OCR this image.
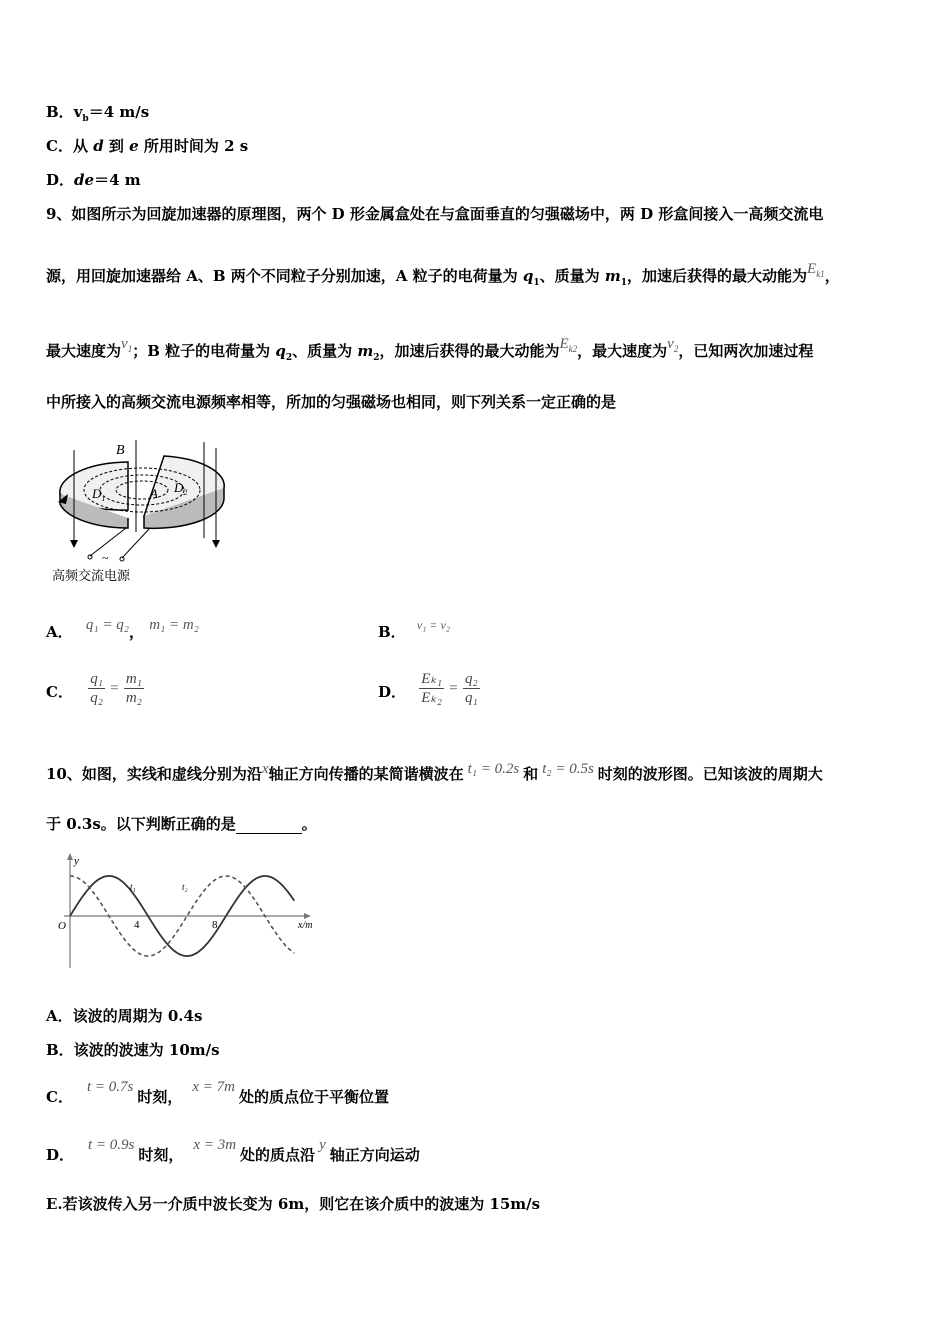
B．$v_b=4$ m/s
C．从 d 到 e 所用时间为 2 s
D．de＝4 m
9、如图所示为回旋加速器的原理图，两个 D 形金属盒处在与盒面垂直的匀强磁场中，两 D 形盒间接入一高频交流电
源，用回旋加速器给 A、B 两个不同粒子分别加速，A 粒子的电荷量为 $q_1$、质量为 $m_1$，加速后获得的最大动能为$E_{k1}$，
最大速度为$v_1$；B 粒子的电荷量为 $q_2$、质量为 $m_2$，加速后获得的最大动能为$E_{k2}$，最大速度为$v_2$，已知两次加速过程
中所接入的高频交流电源频率相等，所加的匀强磁场也相同，则下列关系一定正确的是
B
$D_1$
$D_2$
A
~
高频交流电源
A． q₁ = q₂， m₁ = m₂	B． v₁ = v₂
C． $\frac{\text{q₁}}{\text{q₂}} = \frac{\text{m₁}}{\text{m₂}}$	D． $\frac{\text{Eₖ₁}}{\text{Eₖ₂}} = \frac{\text{q₂}}{\text{q₁}}$
10、如图，实线和虚线分别为沿x轴正方向传播的某简谐横波在 t₁ = 0.2s 和 t₂ = 0.5s 时刻的波形图。已知该波的周期大
于 0.3s。以下判断正确的是	。
y
x/m
O	4	8
t₁	t₂
A．该波的周期为 0.4s
B．该波的波速为 10m/s
C．t = 0.7s时刻，x = 7m处的质点位于平衡位置
D．t = 0.9s时刻，x = 3m处的质点沿y轴正方向运动
E.若该波传入另一介质中波长变为 6m，则它在该介质中的波速为 15m/s
